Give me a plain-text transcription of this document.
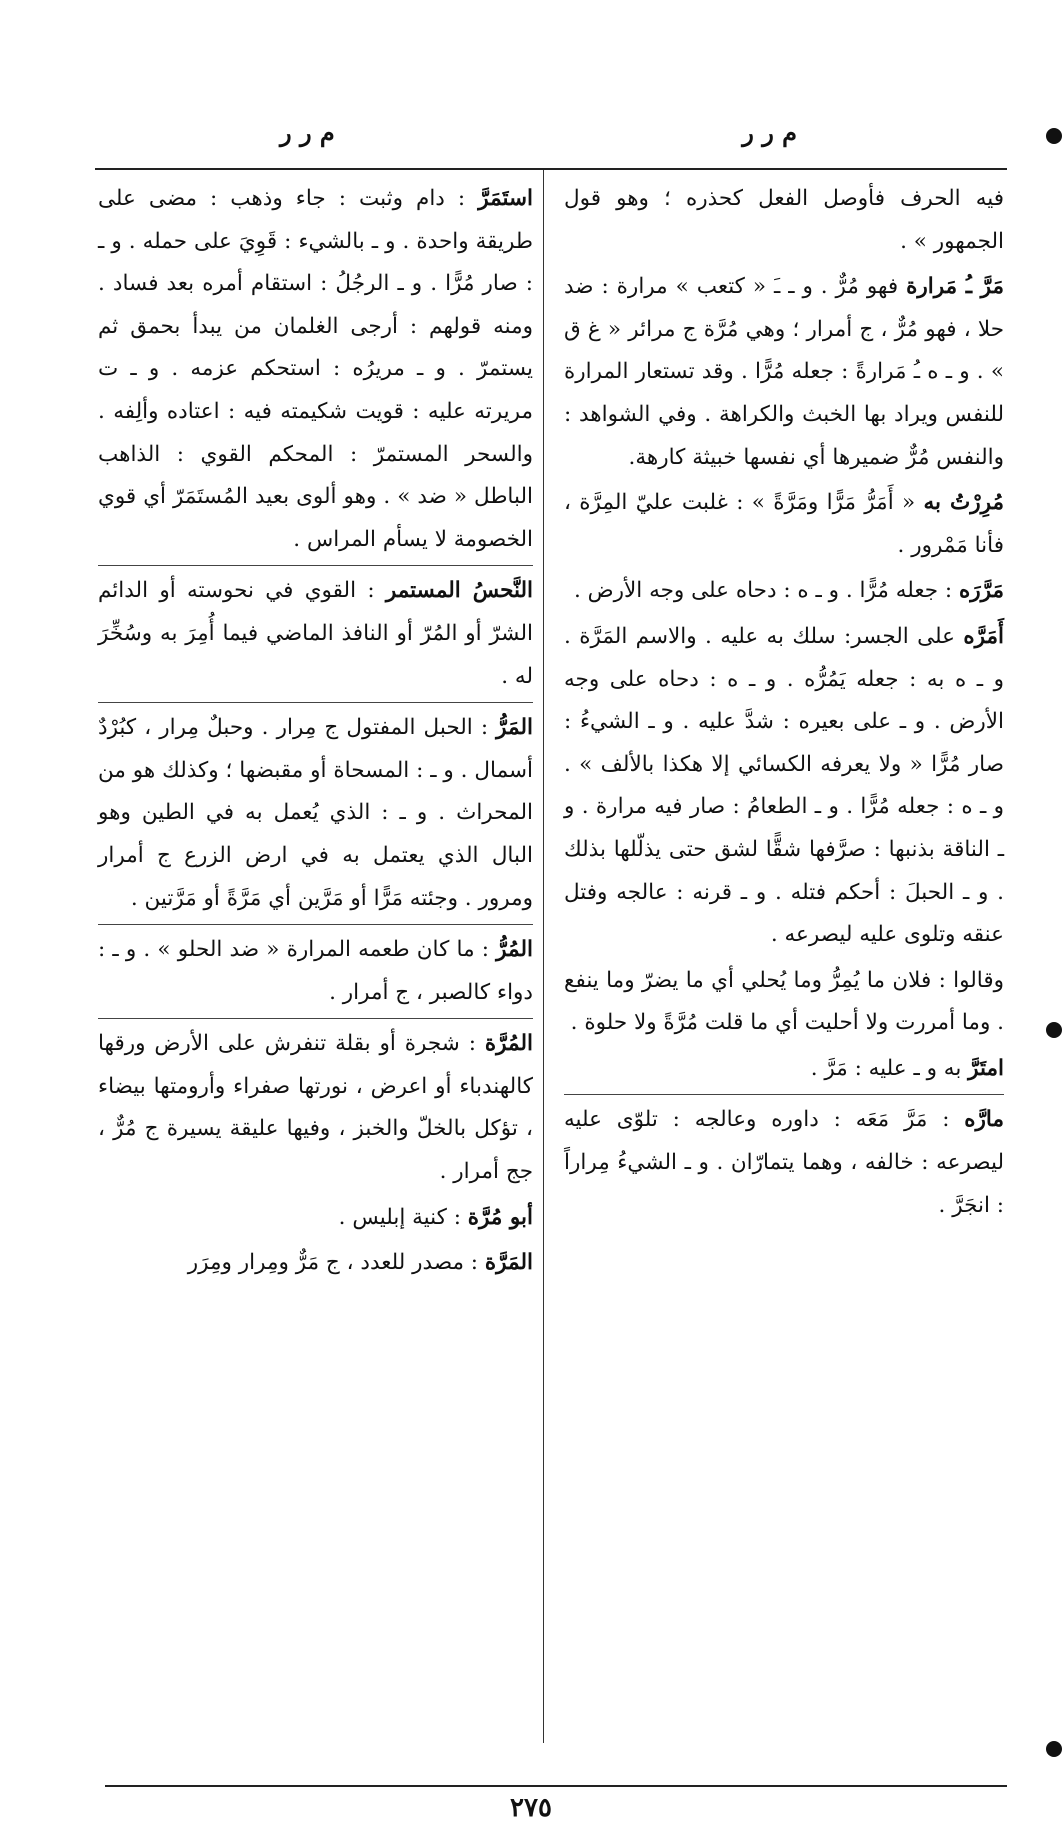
م ر ر
م ر ر

فيه الحرف فأوصل الفعل كحذره ؛ وهو قول الجمهور » .

مَرَّ ـُ مَرارة فهو مُرٌّ . و ـ ـَ « كتعب » مرارة : ضد حلا ، فهو مُرٌّ ، ج أمرار ؛ وهي مُرَّة ج مرائر « غ ق » . و ـ ه ـُ مَرارةً : جعله مُرًّا . وقد تستعار المرارة للنفس ويراد بها الخبث والكراهة . وفي الشواهد : والنفس مُرٌّ ضميرها أي نفسها خبيثة كارهة.

مُرِرْتُ به « أَمَرُّ مَرًّا ومَرَّةً » : غلبت عليّ المِرَّة ، فأنا مَمْرور .

مَرَّرَه : جعله مُرًّا . و ـ ه : دحاه على وجه الأرض .

أَمَرَّه على الجسر: سلك به عليه . والاسم المَرَّة . و ـ ه به : جعله يَمُرُّه . و ـ ه : دحاه على وجه الأرض . و ـ على بعيره : شدَّ عليه . و ـ الشيءُ : صار مُرًّا « ولا يعرفه الكسائي إلا هكذا بالألف » . و ـ ه : جعله مُرًّا . و ـ الطعامُ : صار فيه مرارة . و ـ الناقة بذنبها : صرَّفها شقًّا لشق حتى يذلّلها بذلك . و ـ الحبلَ : أحكم فتله . و ـ قرنه : عالجه وفتل عنقه وتلوى عليه ليصرعه .

وقالوا : فلان ما يُمِرُّ وما يُحلي أي ما يضرّ وما ينفع . وما أمررت ولا أحليت أي ما قلت مُرَّةً ولا حلوة .

امتَرَّ به و ـ عليه : مَرَّ .

مارَّه : مَرَّ مَعَه : داوره وعالجه : تلوّى عليه ليصرعه : خالفه ، وهما يتمارّان . و ـ الشيءُ مِراراً : انجَرَّ .

استَمَرَّ : دام وثبت : جاء وذهب : مضى على طريقة واحدة . و ـ بالشيء : قَوِيَ على حمله . و ـ : صار مُرًّا . و ـ الرجُلُ : استقام أمره بعد فساد . ومنه قولهم : أرجى الغلمان من يبدأ بحمق ثم يستمرّ . و ـ مريرُه : استحكم عزمه . و ـ ت مريرته عليه : قويت شكيمته فيه : اعتاده وألِفه . والسحر المستمرّ : المحكم القوي : الذاهب الباطل « ضد » . وهو ألوى بعيد المُستَمَرّ أي قوي الخصومة لا يسأم المراس .

النَّحسُ المستمر : القوي في نحوسته أو الدائم الشرّ أو المُرّ أو النافذ الماضي فيما أُمِرَ به وسُخِّرَ له .

المَرُّ : الحبل المفتول ج مِرار . وحبلٌ مِرار ، كبُرْدٌ أسمال . و ـ : المسحاة أو مقبضها ؛ وكذلك هو من المحراث . و ـ : الذي يُعمل به في الطين وهو البال الذي يعتمل به في ارض الزرع ج أمرار ومرور . وجئته مَرًّا أو مَرَّين أي مَرَّةً أو مَرَّتين .

المُرُّ : ما كان طعمه المرارة « ضد الحلو » . و ـ : دواء كالصبر ، ج أمرار .

المُرَّة : شجرة أو بقلة تنفرش على الأرض ورقها كالهندباء أو اعرض ، نورتها صفراء وأرومتها بيضاء ، تؤكل بالخلّ والخبز ، وفيها عليقة يسيرة ج مُرٌّ ، جج أمرار .

أبو مُرَّة : كنية إبليس .

المَرَّة : مصدر للعدد ، ج مَرٌّ ومِرار ومِرَر

٢٧٥
